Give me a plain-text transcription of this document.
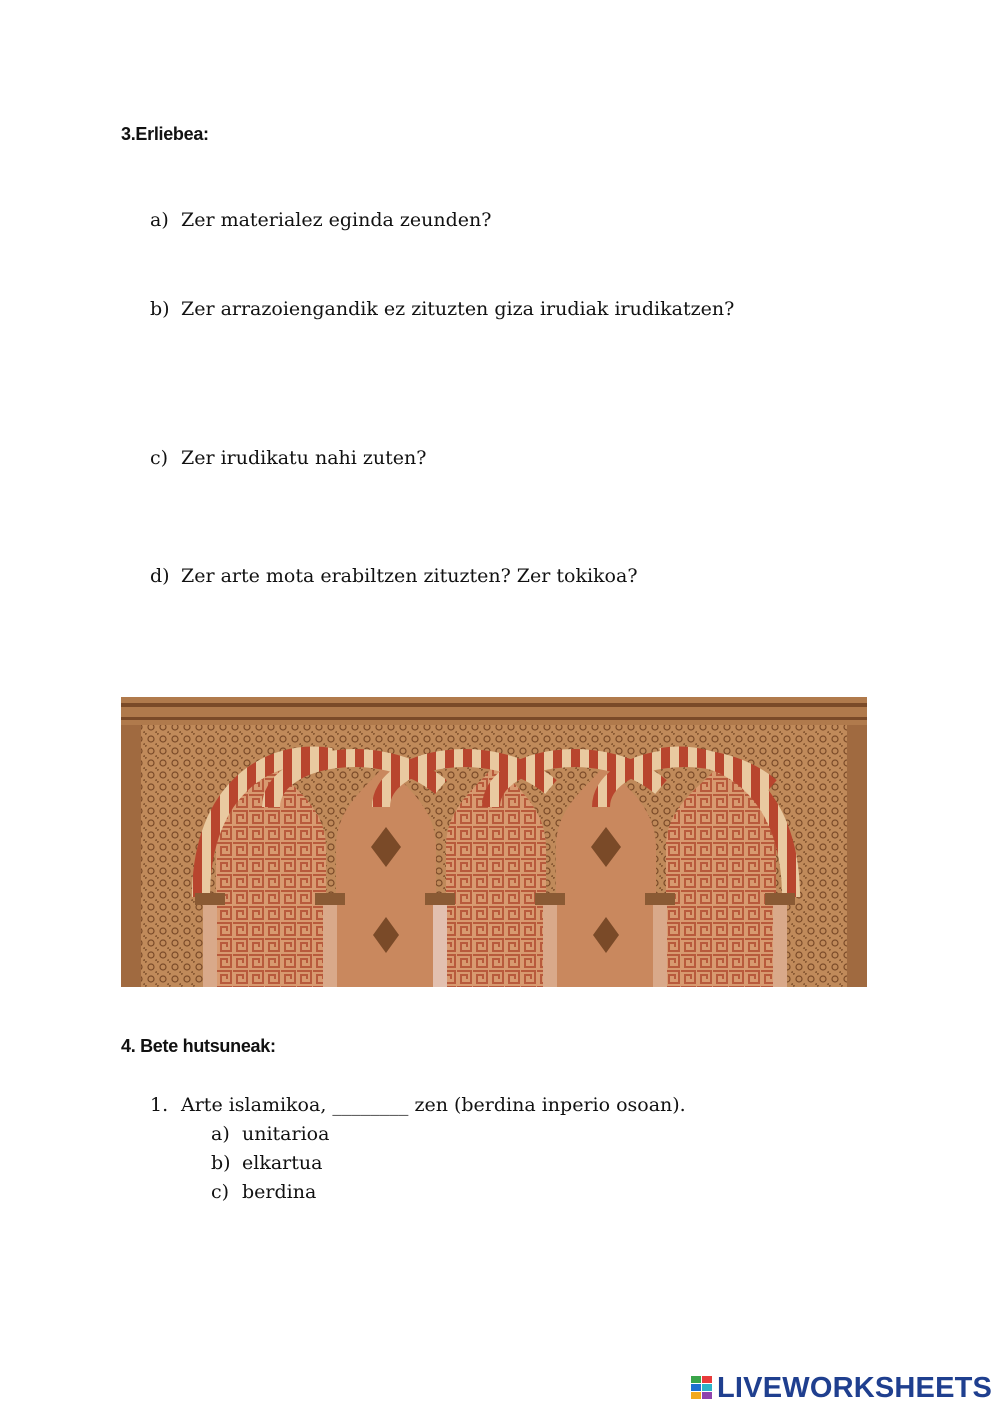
3.Erliebea:
a) Zer materialez eginda zeunden?
b) Zer arrazoiengandik ez zituzten giza irudiak irudikatzen?
c) Zer irudikatu nahi zuten?
d) Zer arte mota erabiltzen zituzten? Zer tokikoa?
4. Bete hutsuneak:
1. Arte islamikoa, ________ zen (berdina inperio osoan).
a) unitarioa
b) elkartua
c) berdina
LIVEWORKSHEETS
